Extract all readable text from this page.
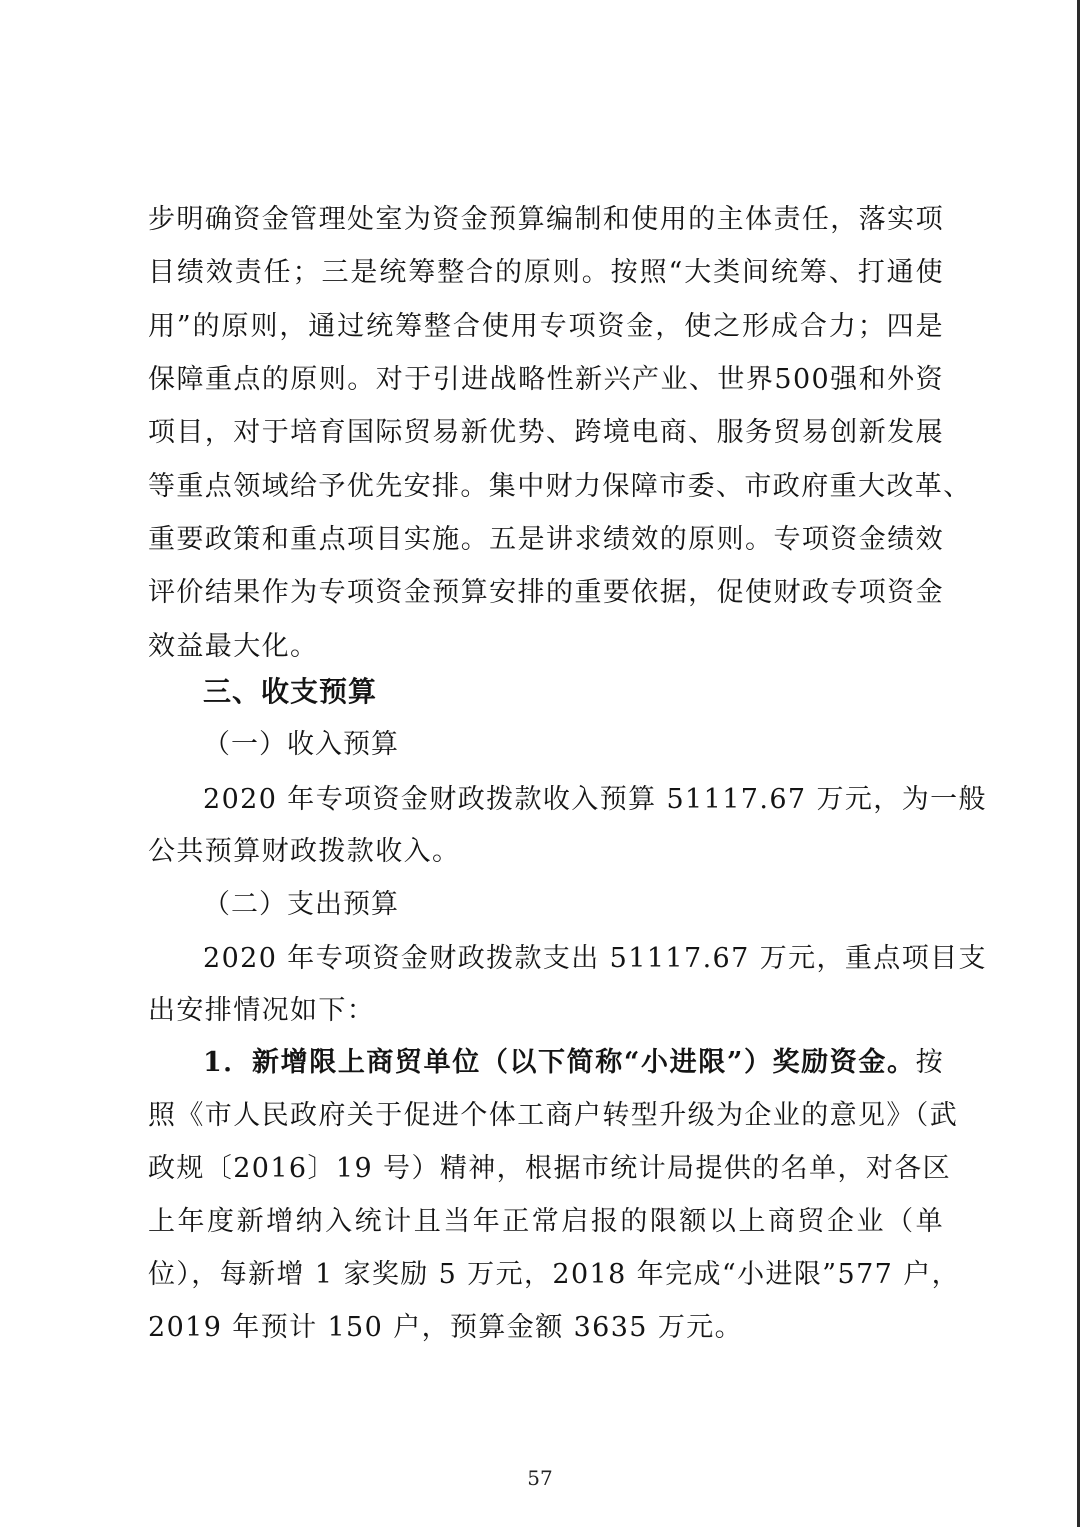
步明确资金管理处室为资金预算编制和使用的主体责任，落实项
目绩效责任；三是统筹整合的原则。按照“大类间统筹、打通使
用”的原则，通过统筹整合使用专项资金，使之形成合力；四是
保障重点的原则。对于引进战略性新兴产业、世界500强和外资
项目，对于培育国际贸易新优势、跨境电商、服务贸易创新发展
等重点领域给予优先安排。集中财力保障市委、市政府重大改革、
重要政策和重点项目实施。五是讲求绩效的原则。专项资金绩效
评价结果作为专项资金预算安排的重要依据，促使财政专项资金
效益最大化。
三、收支预算
（一）收入预算
2020 年专项资金财政拨款收入预算 51117.67 万元，为一般
公共预算财政拨款收入。
（二）支出预算
2020 年专项资金财政拨款支出 51117.67 万元，重点项目支
出安排情况如下：
1．新增限上商贸单位（以下简称“小进限”）奖励资金。按
照《市人民政府关于促进个体工商户转型升级为企业的意见》（武
政规〔2016〕19 号）精神，根据市统计局提供的名单，对各区
上年度新增纳入统计且当年正常启报的限额以上商贸企业（单
位），每新增 1 家奖励 5 万元，2018 年完成“小进限”577 户，
2019 年预计 150 户，预算金额 3635 万元。
57
